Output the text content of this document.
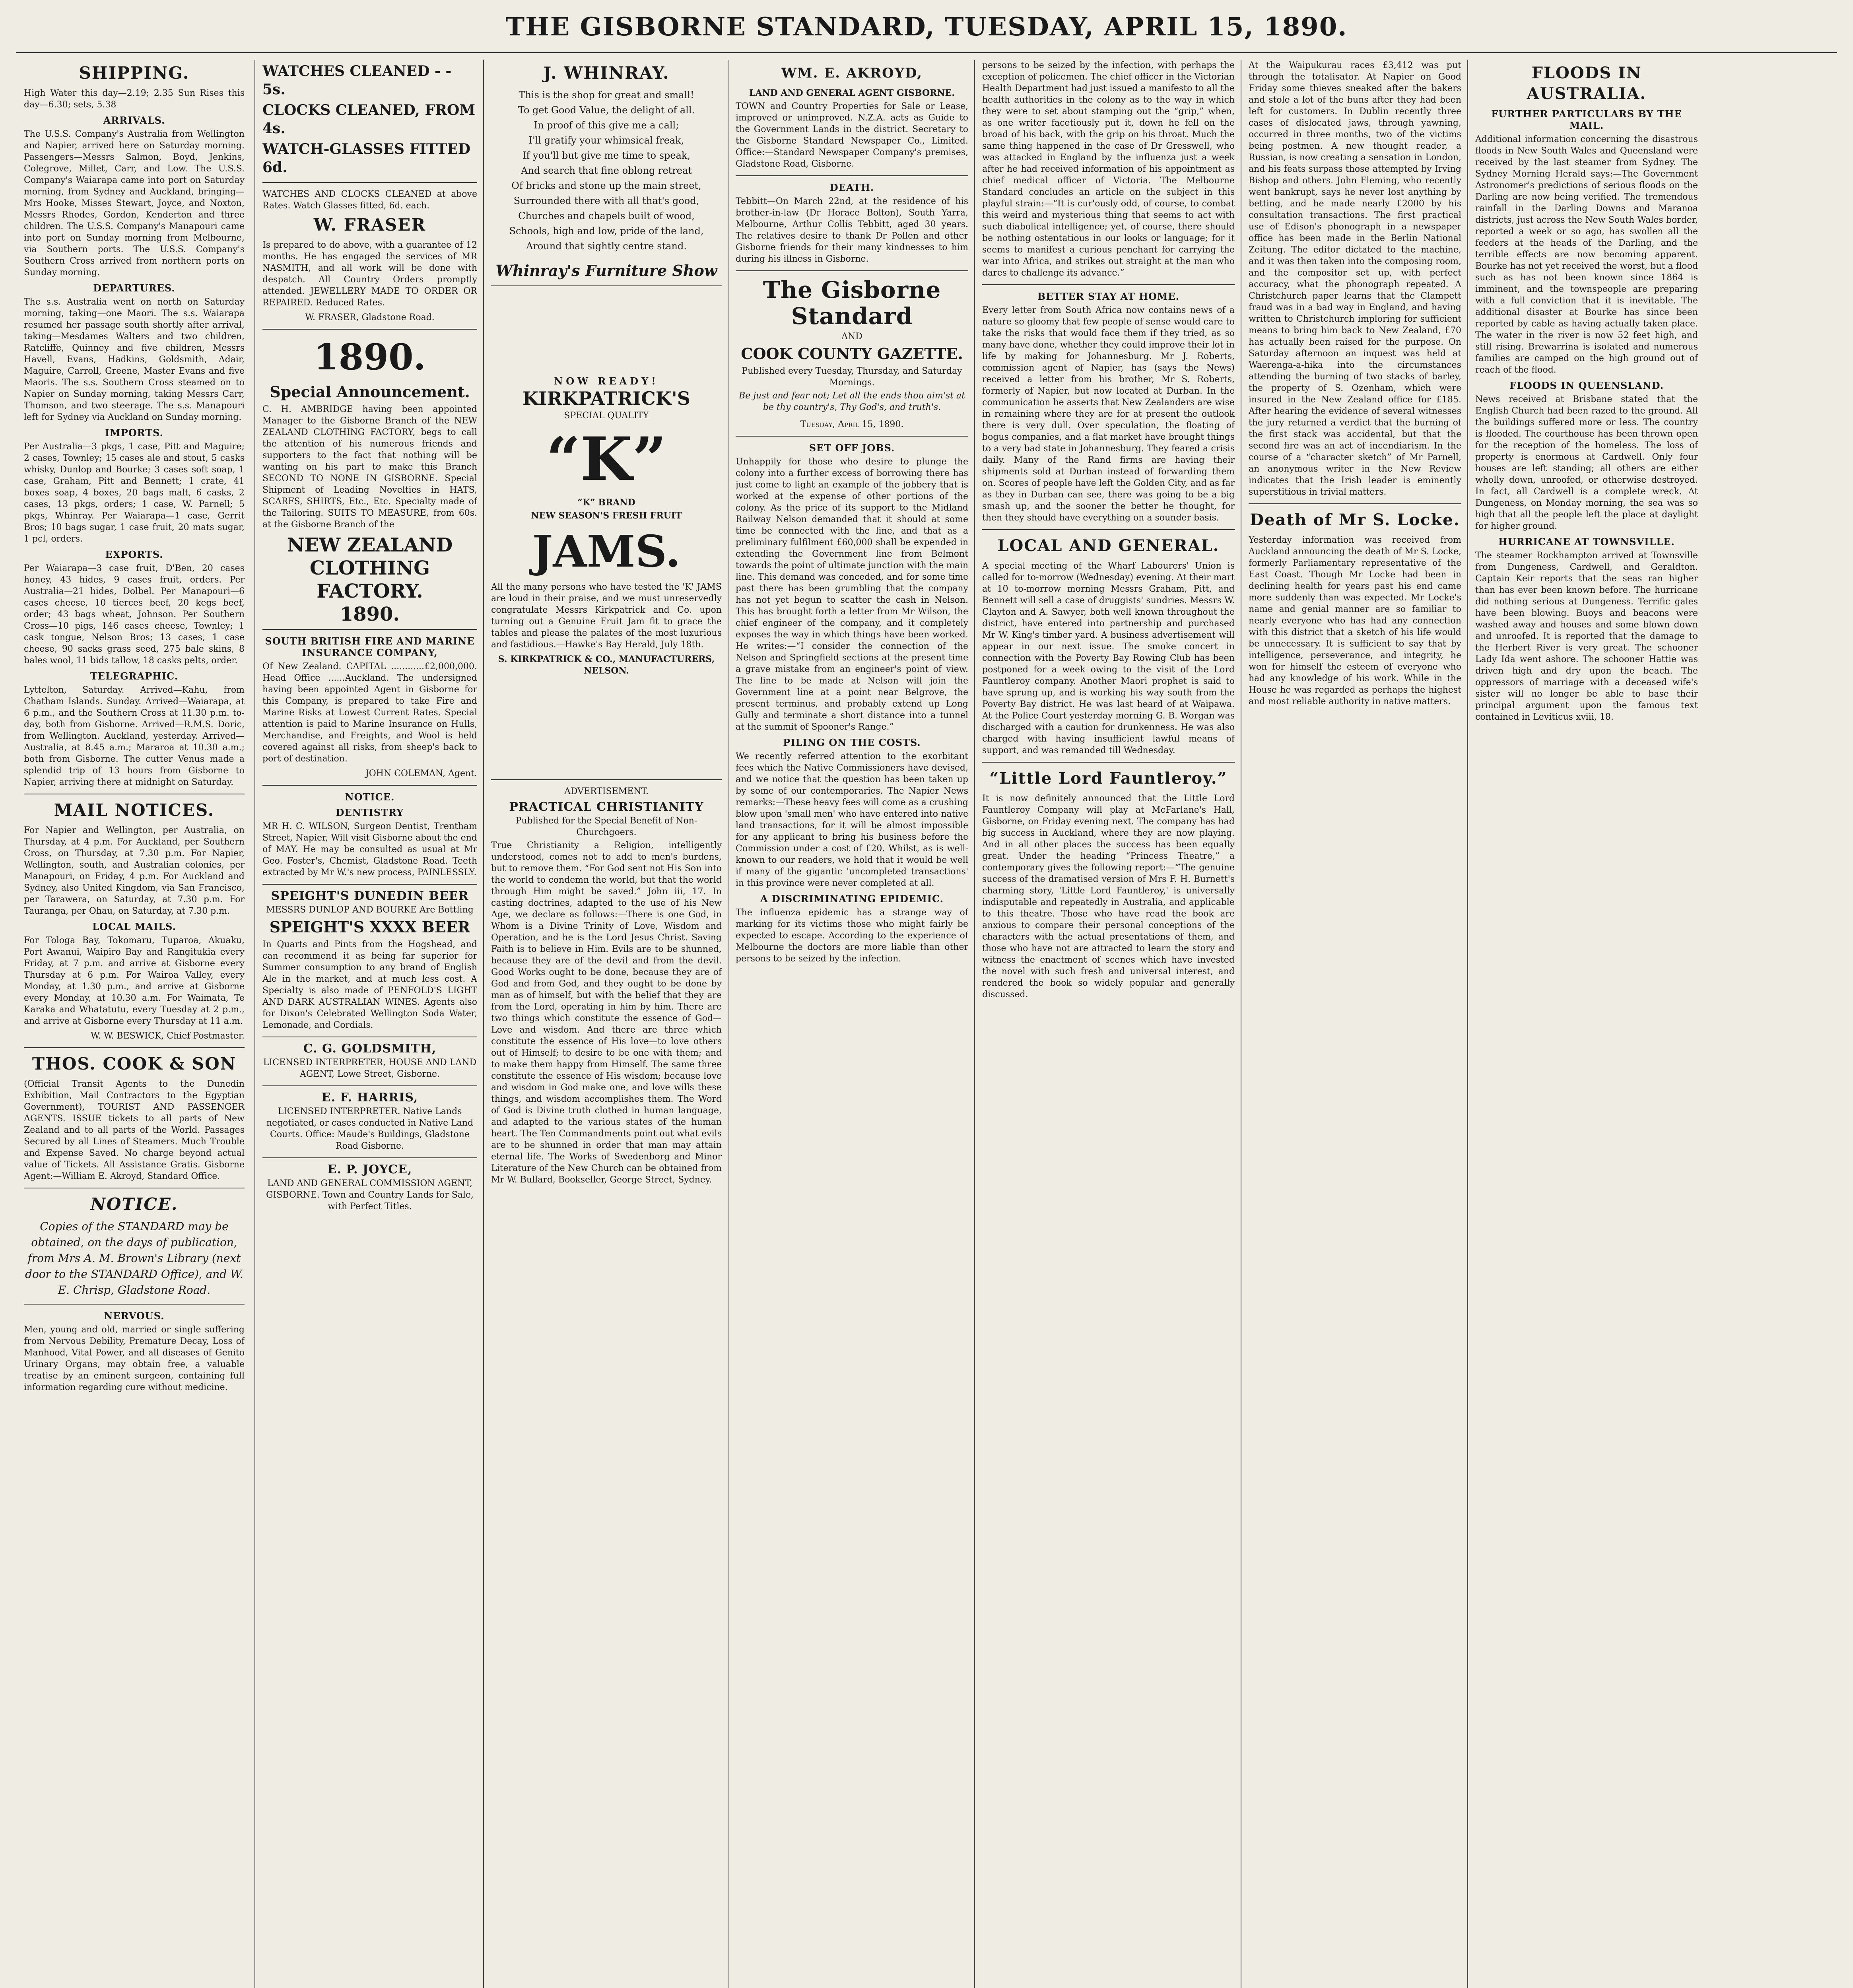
THE GISBORNE STANDARD, TUESDAY, APRIL 15, 1890.
SHIPPING.

High Water this day—2.19; 2.35 Sun Rises this day—6.30; sets, 5.38

ARRIVALS.

The U.S.S. Company's Australia from Wellington and Napier, arrived here on Saturday morning. Passengers—Messrs Salmon, Boyd, Jenkins, Colegrove, Millet, Carr, and Low. The U.S.S. Company's Waiarapa came into port on Saturday morning, from Sydney and Auckland, bringing—Mrs Hooke, Misses Stewart, Joyce, and Noxton, Messrs Rhodes, Gordon, Kenderton and three children. The U.S.S. Company's Manapouri came into port on Sunday morning from Melbourne, via Southern ports. The U.S.S. Company's Southern Cross arrived from northern ports on Sunday morning.

DEPARTURES.

The s.s. Australia went on north on Saturday morning, taking—one Maori. The s.s. Waiarapa resumed her passage south shortly after arrival, taking—Mesdames Walters and two children, Ratcliffe, Quinney and five children, Messrs Havell, Evans, Hadkins, Goldsmith, Adair, Maguire, Carroll, Greene, Master Evans and five Maoris. The s.s. Southern Cross steamed on to Napier on Sunday morning, taking Messrs Carr, Thomson, and two steerage. The s.s. Manapouri left for Sydney via Auckland on Sunday morning.

IMPORTS.

Per Australia—3 pkgs, 1 case, Pitt and Maguire; 2 cases, Townley; 15 cases ale and stout, 5 casks whisky, Dunlop and Bourke; 3 cases soft soap, 1 case, Graham, Pitt and Bennett; 1 crate, 41 boxes soap, 4 boxes, 20 bags malt, 6 casks, 2 cases, 13 pkgs, orders; 1 case, W. Parnell; 5 pkgs, Whinray. Per Waiarapa—1 case, Gerrit Bros; 10 bags sugar, 1 case fruit, 20 mats sugar, 1 pcl, orders.

EXPORTS.

Per Waiarapa—3 case fruit, D'Ben, 20 cases honey, 43 hides, 9 cases fruit, orders. Per Australia—21 hides, Dolbel. Per Manapouri—6 cases cheese, 10 tierces beef, 20 kegs beef, order; 43 bags wheat, Johnson. Per Southern Cross—10 pigs, 146 cases cheese, Townley; 1 cask tongue, Nelson Bros; 13 cases, 1 case cheese, 90 sacks grass seed, 275 bale skins, 8 bales wool, 11 bids tallow, 18 casks pelts, order.

TELEGRAPHIC.

Lyttelton, Saturday. Arrived—Kahu, from Chatham Islands. Sunday. Arrived—Waiarapa, at 6 p.m., and the Southern Cross at 11.30 p.m. to-day, both from Gisborne. Arrived—R.M.S. Doric, from Wellington. Auckland, yesterday. Arrived—Australia, at 8.45 a.m.; Mararoa at 10.30 a.m.; both from Gisborne. The cutter Venus made a splendid trip of 13 hours from Gisborne to Napier, arriving there at midnight on Saturday.

MAIL NOTICES.

For Napier and Wellington, per Australia, on Thursday, at 4 p.m. For Auckland, per Southern Cross, on Thursday, at 7.30 p.m. For Napier, Wellington, south, and Australian colonies, per Manapouri, on Friday, 4 p.m. For Auckland and Sydney, also United Kingdom, via San Francisco, per Tarawera, on Saturday, at 7.30 p.m. For Tauranga, per Ohau, on Saturday, at 7.30 p.m.

LOCAL MAILS.

For Tologa Bay, Tokomaru, Tuparoa, Akuaku, Port Awanui, Waipiro Bay and Rangitukia every Friday, at 7 p.m. and arrive at Gisborne every Thursday at 6 p.m. For Wairoa Valley, every Monday, at 1.30 p.m., and arrive at Gisborne every Monday, at 10.30 a.m. For Waimata, Te Karaka and Whatatutu, every Tuesday at 2 p.m., and arrive at Gisborne every Thursday at 11 a.m.

W. W. BESWICK, Chief Postmaster.

THOS. COOK & SON

(Official Transit Agents to the Dunedin Exhibition, Mail Contractors to the Egyptian Government), TOURIST AND PASSENGER AGENTS. ISSUE tickets to all parts of New Zealand and to all parts of the World. Passages Secured by all Lines of Steamers. Much Trouble and Expense Saved. No charge beyond actual value of Tickets. All Assistance Gratis. Gisborne Agent:—William E. Akroyd, Standard Office.

NOTICE.

Copies of the STANDARD may be obtained, on the days of publication, from Mrs A. M. Brown's Library (next door to the STANDARD Office), and W. E. Chrisp, Gladstone Road.

NERVOUS.

Men, young and old, married or single suffering from Nervous Debility, Premature Decay, Loss of Manhood, Vital Power, and all diseases of Genito Urinary Organs, may obtain free, a valuable treatise by an eminent surgeon, containing full information regarding cure without medicine.

WATCHES CLEANED - - 5s.
CLOCKS CLEANED, FROM 4s.
WATCH-GLASSES FITTED 6d.

WATCHES AND CLOCKS CLEANED at above Rates. Watch Glasses fitted, 6d. each.

W. FRASER

Is prepared to do above, with a guarantee of 12 months. He has engaged the services of MR NASMITH, and all work will be done with despatch. All Country Orders promptly attended. JEWELLERY MADE TO ORDER OR REPAIRED. Reduced Rates.

W. FRASER, Gladstone Road.

1890.
Special Announcement.

C. H. AMBRIDGE having been appointed Manager to the Gisborne Branch of the NEW ZEALAND CLOTHING FACTORY, begs to call the attention of his numerous friends and supporters to the fact that nothing will be wanting on his part to make this Branch SECOND TO NONE IN GISBORNE. Special Shipment of Leading Novelties in HATS, SCARFS, SHIRTS, Etc., Etc. Specialty made of the Tailoring. SUITS TO MEASURE, from 60s. at the Gisborne Branch of the

NEW ZEALAND CLOTHING FACTORY.
1890.
SOUTH BRITISH FIRE AND MARINE INSURANCE COMPANY,

Of New Zealand. CAPITAL ............£2,000,000. Head Office ......Auckland. The undersigned having been appointed Agent in Gisborne for this Company, is prepared to take Fire and Marine Risks at Lowest Current Rates. Special attention is paid to Marine Insurance on Hulls, Merchandise, and Freights, and Wool is held covered against all risks, from sheep's back to port of destination.

JOHN COLEMAN, Agent.

NOTICE.
DENTISTRY

MR H. C. WILSON, Surgeon Dentist, Trentham Street, Napier, Will visit Gisborne about the end of MAY. He may be consulted as usual at Mr Geo. Foster's, Chemist, Gladstone Road. Teeth extracted by Mr W.'s new process, PAINLESSLY.

SPEIGHT'S DUNEDIN BEER

MESSRS DUNLOP AND BOURKE Are Bottling

SPEIGHT'S XXXX BEER

In Quarts and Pints from the Hogshead, and can recommend it as being far superior for Summer consumption to any brand of English Ale in the market, and at much less cost. A Specialty is also made of PENFOLD'S LIGHT AND DARK AUSTRALIAN WINES. Agents also for Dixon's Celebrated Wellington Soda Water, Lemonade, and Cordials.

C. G. GOLDSMITH,

LICENSED INTERPRETER, HOUSE AND LAND AGENT, Lowe Street, Gisborne.

E. F. HARRIS,

LICENSED INTERPRETER. Native Lands negotiated, or cases conducted in Native Land Courts. Office: Maude's Buildings, Gladstone Road Gisborne.

E. P. JOYCE,

LAND AND GENERAL COMMISSION AGENT, GISBORNE. Town and Country Lands for Sale, with Perfect Titles.

J. WHINRAY.
This is the shop for great and small!
To get Good Value, the delight of all.
In proof of this give me a call;
I'll gratify your whimsical freak,
If you'll but give me time to speak,
And search that fine oblong retreat
Of bricks and stone up the main street,
Surrounded there with all that's good,
Churches and chapels built of wood,
Schools, high and low, pride of the land,
Around that sightly centre stand.
Whinray's Furniture Show
NOW READY!
KIRKPATRICK'S
SPECIAL QUALITY
“K”
“K” BRAND
NEW SEASON'S FRESH FRUIT
JAMS.

All the many persons who have tested the 'K' JAMS are loud in their praise, and we must unreservedly congratulate Messrs Kirkpatrick and Co. upon turning out a Genuine Fruit Jam fit to grace the tables and please the palates of the most luxurious and fastidious.—Hawke's Bay Herald, July 18th.

S. KIRKPATRICK & CO., MANUFACTURERS, NELSON.

ADVERTISEMENT.
PRACTICAL CHRISTIANITY
Published for the Special Benefit of Non-Churchgoers.

True Christianity a Religion, intelligently understood, comes not to add to men's burdens, but to remove them. “For God sent not His Son into the world to condemn the world, but that the world through Him might be saved.” John iii, 17. In casting doctrines, adapted to the use of his New Age, we declare as follows:—There is one God, in Whom is a Divine Trinity of Love, Wisdom and Operation, and he is the Lord Jesus Christ. Saving Faith is to believe in Him. Evils are to be shunned, because they are of the devil and from the devil. Good Works ought to be done, because they are of God and from God, and they ought to be done by man as of himself, but with the belief that they are from the Lord, operating in him by him. There are two things which constitute the essence of God—Love and wisdom. And there are three which constitute the essence of His love—to love others out of Himself; to desire to be one with them; and to make them happy from Himself. The same three constitute the essence of His wisdom; because love and wisdom in God make one, and love wills these things, and wisdom accomplishes them. The Word of God is Divine truth clothed in human language, and adapted to the various states of the human heart. The Ten Commandments point out what evils are to be shunned in order that man may attain eternal life. The Works of Swedenborg and Minor Literature of the New Church can be obtained from Mr W. Bullard, Bookseller, George Street, Sydney.

WM. E. AKROYD,
LAND AND GENERAL AGENT GISBORNE.

TOWN and Country Properties for Sale or Lease, improved or unimproved. N.Z.A. acts as Guide to the Government Lands in the district. Secretary to the Gisborne Standard Newspaper Co., Limited. Office:—Standard Newspaper Company's premises, Gladstone Road, Gisborne.

DEATH.

Tebbitt—On March 22nd, at the residence of his brother-in-law (Dr Horace Bolton), South Yarra, Melbourne, Arthur Collis Tebbitt, aged 30 years. The relatives desire to thank Dr Pollen and other Gisborne friends for their many kindnesses to him during his illness in Gisborne.

The Gisborne Standard
AND
COOK COUNTY GAZETTE.
Published every Tuesday, Thursday, and Saturday Mornings.
Be just and fear not; Let all the ends thou aim'st at be thy country's, Thy God's, and truth's.
Tuesday, April 15, 1890.
SET OFF JOBS.

Unhappily for those who desire to plunge the colony into a further excess of borrowing there has just come to light an example of the jobbery that is worked at the expense of other portions of the colony. As the price of its support to the Midland Railway Nelson demanded that it should at some time be connected with the line, and that as a preliminary fulfilment £60,000 shall be expended in extending the Government line from Belmont towards the point of ultimate junction with the main line. This demand was conceded, and for some time past there has been grumbling that the company has not yet begun to scatter the cash in Nelson. This has brought forth a letter from Mr Wilson, the chief engineer of the company, and it completely exposes the way in which things have been worked. He writes:—“I consider the connection of the Nelson and Springfield sections at the present time a grave mistake from an engineer's point of view. The line to be made at Nelson will join the Government line at a point near Belgrove, the present terminus, and probably extend up Long Gully and terminate a short distance into a tunnel at the summit of Spooner's Range.”

PILING ON THE COSTS.

We recently referred attention to the exorbitant fees which the Native Commissioners have devised, and we notice that the question has been taken up by some of our contemporaries. The Napier News remarks:—These heavy fees will come as a crushing blow upon 'small men' who have entered into native land transactions, for it will be almost impossible for any applicant to bring his business before the Commission under a cost of £20. Whilst, as is well-known to our readers, we hold that it would be well if many of the gigantic 'uncompleted transactions' in this province were never completed at all.

A DISCRIMINATING EPIDEMIC.

The influenza epidemic has a strange way of marking for its victims those who might fairly be expected to escape. According to the experience of Melbourne the doctors are more liable than other persons to be seized by the infection.

persons to be seized by the infection, with perhaps the exception of policemen. The chief officer in the Victorian Health Department had just issued a manifesto to all the health authorities in the colony as to the way in which they were to set about stamping out the “grip,” when, as one writer facetiously put it, down he fell on the broad of his back, with the grip on his throat. Much the same thing happened in the case of Dr Gresswell, who was attacked in England by the influenza just a week after he had received information of his appointment as chief medical officer of Victoria. The Melbourne Standard concludes an article on the subject in this playful strain:—“It is cur'ously odd, of course, to combat this weird and mysterious thing that seems to act with such diabolical intelligence; yet, of course, there should be nothing ostentatious in our looks or language; for it seems to manifest a curious penchant for carrying the war into Africa, and strikes out straight at the man who dares to challenge its advance.”

BETTER STAY AT HOME.

Every letter from South Africa now contains news of a nature so gloomy that few people of sense would care to take the risks that would face them if they tried, as so many have done, whether they could improve their lot in life by making for Johannesburg. Mr J. Roberts, commission agent of Napier, has (says the News) received a letter from his brother, Mr S. Roberts, formerly of Napier, but now located at Durban. In the communication he asserts that New Zealanders are wise in remaining where they are for at present the outlook there is very dull. Over speculation, the floating of bogus companies, and a flat market have brought things to a very bad state in Johannesburg. They feared a crisis daily. Many of the Rand firms are having their shipments sold at Durban instead of forwarding them on. Scores of people have left the Golden City, and as far as they in Durban can see, there was going to be a big smash up, and the sooner the better he thought, for then they should have everything on a sounder basis.

LOCAL AND GENERAL.

A special meeting of the Wharf Labourers' Union is called for to-morrow (Wednesday) evening. At their mart at 10 to-morrow morning Messrs Graham, Pitt, and Bennett will sell a case of druggists' sundries. Messrs W. Clayton and A. Sawyer, both well known throughout the district, have entered into partnership and purchased Mr W. King's timber yard. A business advertisement will appear in our next issue. The smoke concert in connection with the Poverty Bay Rowing Club has been postponed for a week owing to the visit of the Lord Fauntleroy company. Another Maori prophet is said to have sprung up, and is working his way south from the Poverty Bay district. He was last heard of at Waipawa. At the Police Court yesterday morning G. B. Worgan was discharged with a caution for drunkenness. He was also charged with having insufficient lawful means of support, and was remanded till Wednesday.

“Little Lord Fauntleroy.”

It is now definitely announced that the Little Lord Fauntleroy Company will play at McFarlane's Hall, Gisborne, on Friday evening next. The company has had big success in Auckland, where they are now playing. And in all other places the success has been equally great. Under the heading “Princess Theatre,” a contemporary gives the following report:—“The genuine success of the dramatised version of Mrs F. H. Burnett's charming story, 'Little Lord Fauntleroy,' is universally indisputable and repeatedly in Australia, and applicable to this theatre. Those who have read the book are anxious to compare their personal conceptions of the characters with the actual presentations of them, and those who have not are attracted to learn the story and witness the enactment of scenes which have invested the novel with such fresh and universal interest, and rendered the book so widely popular and generally discussed.

At the Waipukurau races £3,412 was put through the totalisator. At Napier on Good Friday some thieves sneaked after the bakers and stole a lot of the buns after they had been left for customers. In Dublin recently three cases of dislocated jaws, through yawning, occurred in three months, two of the victims being postmen. A new thought reader, a Russian, is now creating a sensation in London, and his feats surpass those attempted by Irving Bishop and others. John Fleming, who recently went bankrupt, says he never lost anything by betting, and he made nearly £2000 by his consultation transactions. The first practical use of Edison's phonograph in a newspaper office has been made in the Berlin National Zeitung. The editor dictated to the machine, and it was then taken into the composing room, and the compositor set up, with perfect accuracy, what the phonograph repeated. A Christchurch paper learns that the Clampett fraud was in a bad way in England, and having written to Christchurch imploring for sufficient means to bring him back to New Zealand, £70 has actually been raised for the purpose. On Saturday afternoon an inquest was held at Waerenga-a-hika into the circumstances attending the burning of two stacks of barley, the property of S. Ozenham, which were insured in the New Zealand office for £185. After hearing the evidence of several witnesses the jury returned a verdict that the burning of the first stack was accidental, but that the second fire was an act of incendiarism. In the course of a “character sketch” of Mr Parnell, an anonymous writer in the New Review indicates that the Irish leader is eminently superstitious in trivial matters.

Death of Mr S. Locke.

Yesterday information was received from Auckland announcing the death of Mr S. Locke, formerly Parliamentary representative of the East Coast. Though Mr Locke had been in declining health for years past his end came more suddenly than was expected. Mr Locke's name and genial manner are so familiar to nearly everyone who has had any connection with this district that a sketch of his life would be unnecessary. It is sufficient to say that by intelligence, perseverance, and integrity, he won for himself the esteem of everyone who had any knowledge of his work. While in the House he was regarded as perhaps the highest and most reliable authority in native matters.

FLOODS IN AUSTRALIA.
FURTHER PARTICULARS BY THE MAIL.

Additional information concerning the disastrous floods in New South Wales and Queensland were received by the last steamer from Sydney. The Sydney Morning Herald says:—The Government Astronomer's predictions of serious floods on the Darling are now being verified. The tremendous rainfall in the Darling Downs and Maranoa districts, just across the New South Wales border, reported a week or so ago, has swollen all the feeders at the heads of the Darling, and the terrible effects are now becoming apparent. Bourke has not yet received the worst, but a flood such as has not been known since 1864 is imminent, and the townspeople are preparing with a full conviction that it is inevitable. The additional disaster at Bourke has since been reported by cable as having actually taken place. The water in the river is now 52 feet high, and still rising. Brewarrina is isolated and numerous families are camped on the high ground out of reach of the flood.

FLOODS IN QUEENSLAND.

News received at Brisbane stated that the English Church had been razed to the ground. All the buildings suffered more or less. The country is flooded. The courthouse has been thrown open for the reception of the homeless. The loss of property is enormous at Cardwell. Only four houses are left standing; all others are either wholly down, unroofed, or otherwise destroyed. In fact, all Cardwell is a complete wreck. At Dungeness, on Monday morning, the sea was so high that all the people left the place at daylight for higher ground.

HURRICANE AT TOWNSVILLE.

The steamer Rockhampton arrived at Townsville from Dungeness, Cardwell, and Geraldton. Captain Keir reports that the seas ran higher than has ever been known before. The hurricane did nothing serious at Dungeness. Terrific gales have been blowing. Buoys and beacons were washed away and houses and some blown down and unroofed. It is reported that the damage to the Herbert River is very great. The schooner Lady Ida went ashore. The schooner Hattie was driven high and dry upon the beach. The oppressors of marriage with a deceased wife's sister will no longer be able to base their principal argument upon the famous text contained in Leviticus xviii, 18.
